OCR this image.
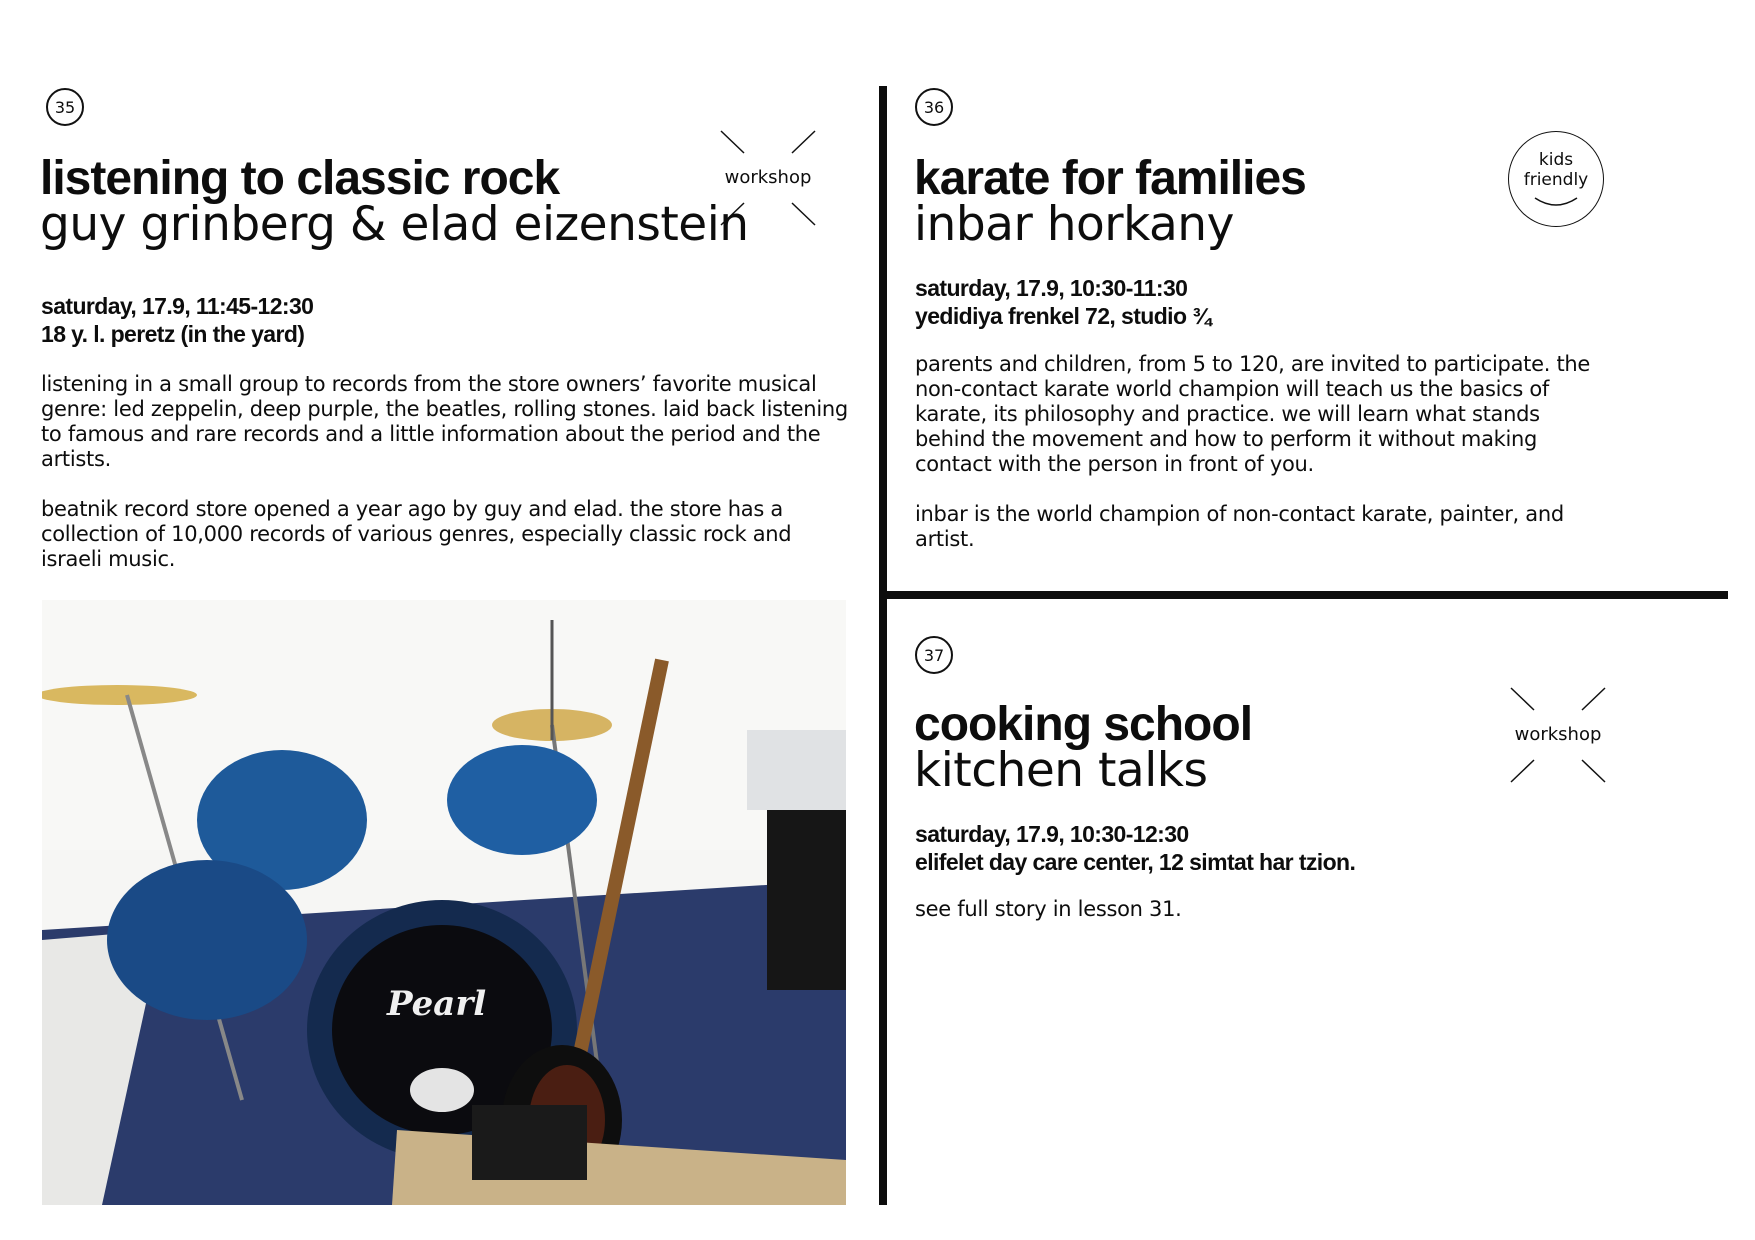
35
workshop
listening to classic rock
guy grinberg & elad eizenstein
saturday, 17.9, 11:45-12:30
18 y. l. peretz (in the yard)

listening in a small group to records from the store owners’ favorite musical genre: led zeppelin, deep purple, the beatles, rolling stones. laid back listening to famous and rare records and a little information about the period and the artists.

beatnik record store opened a year ago by guy and elad. the store has a collection of 10,000 records of various genres, especially classic rock and israeli music.

Pearl
36
kids
friendly
karate for families
inbar horkany
saturday, 17.9, 10:30-11:30
yedidiya frenkel 72, studio ¾

parents and children, from 5 to 120, are invited to participate. the non-contact karate world champion will teach us the basics of karate, its philosophy and practice. we will learn what stands behind the movement and how to perform it without making contact with the person in front of you.

inbar is the world champion of non-contact karate, painter, and artist.

37
workshop
cooking school
kitchen talks
saturday, 17.9, 10:30-12:30
elifelet day care center, 12 simtat har tzion.

see full story in lesson 31.
